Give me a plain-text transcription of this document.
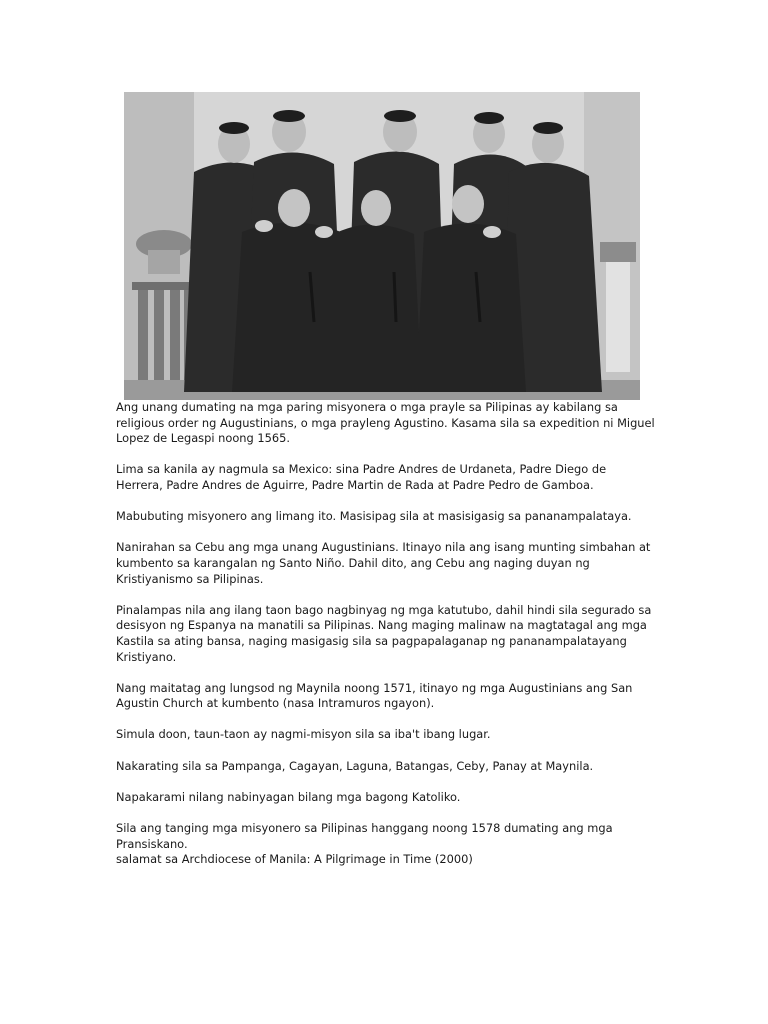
Ang unang dumating na mga paring misyonera o mga prayle sa Pilipinas ay kabilang sa religious order ng Augustinians, o mga prayleng Agustino. Kasama sila sa expedition ni Miguel Lopez de Legaspi noong 1565.

Lima sa kanila ay nagmula sa Mexico: sina Padre Andres de Urdaneta, Padre Diego de Herrera, Padre Andres de Aguirre, Padre Martin de Rada at Padre Pedro de Gamboa.

Mabubuting misyonero ang limang ito. Masisipag sila at masisigasig sa pananampalataya.

Nanirahan sa Cebu ang mga unang Augustinians. Itinayo nila ang isang munting simbahan at kumbento sa karangalan ng Santo Niño. Dahil dito, ang Cebu ang naging duyan ng Kristiyanismo sa Pilipinas.

Pinalampas nila ang ilang taon bago nagbinyag ng mga katutubo, dahil hindi sila segurado sa desisyon ng Espanya na manatili sa Pilipinas. Nang maging malinaw na magtatagal ang mga Kastila sa ating bansa, naging masigasig sila sa pagpapalaganap ng pananampalatayang Kristiyano.

Nang maitatag ang lungsod ng Maynila noong 1571, itinayo ng mga Augustinians ang San Agustin Church at kumbento (nasa Intramuros ngayon).

Simula doon, taun-taon ay nagmi-misyon sila sa iba't ibang lugar.

Nakarating sila sa Pampanga, Cagayan, Laguna, Batangas, Ceby, Panay at Maynila.

Napakarami nilang nabinyagan bilang mga bagong Katoliko.

Sila ang tanging mga misyonero sa Pilipinas hanggang noong 1578 dumating ang mga Pransiskano.

salamat sa Archdiocese of Manila: A Pilgrimage in Time (2000)
